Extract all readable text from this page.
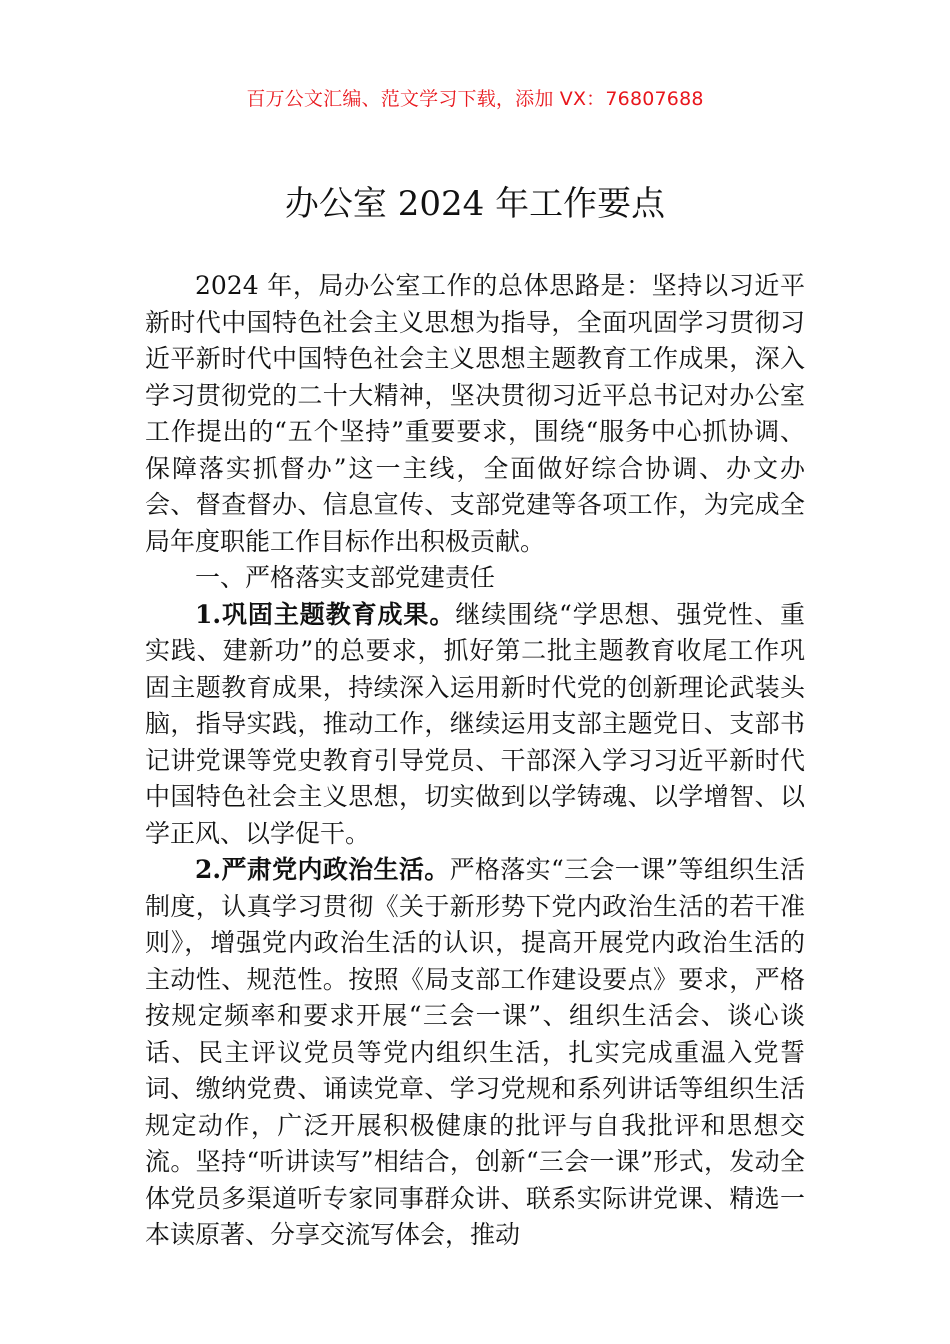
百万公文汇编、范文学习下载，添加 VX：76807688
办公室 2024 年工作要点

2024 年，局办公室工作的总体思路是：坚持以习近平新时代中国特色社会主义思想为指导，全面巩固学习贯彻习近平新时代中国特色社会主义思想主题教育工作成果，深入学习贯彻党的二十大精神，坚决贯彻习近平总书记对办公室工作提出的“五个坚持”重要要求，围绕“服务中心抓协调、保障落实抓督办”这一主线，全面做好综合协调、办文办会、督查督办、信息宣传、支部党建等各项工作，为完成全局年度职能工作目标作出积极贡献。

一、严格落实支部党建责任

1.巩固主题教育成果。继续围绕“学思想、强党性、重实践、建新功”的总要求，抓好第二批主题教育收尾工作巩固主题教育成果，持续深入运用新时代党的创新理论武装头脑，指导实践，推动工作，继续运用支部主题党日、支部书记讲党课等党史教育引导党员、干部深入学习习近平新时代中国特色社会主义思想，切实做到以学铸魂、以学增智、以学正风、以学促干。

2.严肃党内政治生活。严格落实“三会一课”等组织生活制度，认真学习贯彻《关于新形势下党内政治生活的若干准则》，增强党内政治生活的认识，提高开展党内政治生活的主动性、规范性。按照《局支部工作建设要点》要求，严格按规定频率和要求开展“三会一课”、组织生活会、谈心谈话、民主评议党员等党内组织生活，扎实完成重温入党誓词、缴纳党费、诵读党章、学习党规和系列讲话等组织生活规定动作，广泛开展积极健康的批评与自我批评和思想交流。坚持“听讲读写”相结合，创新“三会一课”形式，发动全体党员多渠道听专家同事群众讲、联系实际讲党课、精选一本读原著、分享交流写体会，推动
